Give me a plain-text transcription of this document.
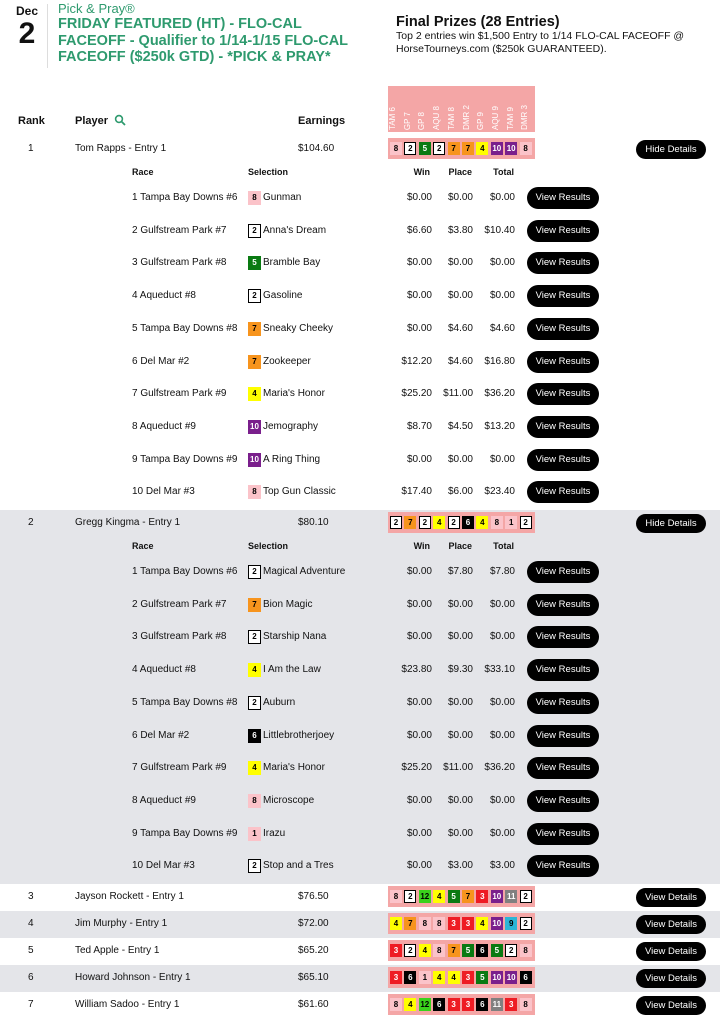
Dec
2
Pick & Pray®
FRIDAY FEATURED (HT) - FLO-CAL
FACEOFF - Qualifier to 1/14-1/15 FLO-CAL
FACEOFF ($250k GTD) - *PICK & PRAY*
Final Prizes (28 Entries)
Top 2 entries win $1,500 Entry to 1/14 FLO-CAL FACEOFF @
HorseTourneys.com ($250k GUARANTEED).
Rank	Player	Earnings	TAM 6 GP 7 GP 8 AQU 8 TAM 8 DMR 2 GP 9 AQU 9 TAM 9 DMR 3
1	Tom Rapps - Entry 1	$104.60	8	2	5	2	7	7	4 10 10 8	Hide Details
Race	Selection	Win Place Total
1 Tampa Bay Downs #6	8 Gunman	$0.00 $0.00 $0.00	View Results
2 Gulfstream Park #7	2 Anna's Dream	$6.60 $3.80 $10.40	View Results
3 Gulfstream Park #8	5 Bramble Bay	$0.00 $0.00 $0.00	View Results
4 Aqueduct #8	2 Gasoline	$0.00 $0.00 $0.00	View Results
5 Tampa Bay Downs #8	7 Sneaky Cheeky	$0.00 $4.60 $4.60	View Results
6 Del Mar #2	7 Zookeeper	$12.20 $4.60 $16.80	View Results
7 Gulfstream Park #9	4 Maria's Honor	$25.20 $11.00 $36.20	View Results
8 Aqueduct #9	10 Jemography	$8.70 $4.50 $13.20	View Results
9 Tampa Bay Downs #9 10 A Ring Thing	$0.00 $0.00 $0.00	View Results
10 Del Mar #3	8 Top Gun Classic	$17.40 $6.00 $23.40	View Results
2	Gregg Kingma - Entry 1	$80.10	2	7	2	4	2	6	4	8	1	2	Hide Details
Race	Selection	Win Place Total
1 Tampa Bay Downs #6	2 Magical Adventure	$0.00 $7.80 $7.80	View Results
2 Gulfstream Park #7	7 Bion Magic	$0.00 $0.00 $0.00	View Results
3 Gulfstream Park #8	2 Starship Nana	$0.00 $0.00 $0.00	View Results
4 Aqueduct #8	4 I Am the Law	$23.80 $9.30 $33.10	View Results
5 Tampa Bay Downs #8	2 Auburn	$0.00 $0.00 $0.00	View Results
6 Del Mar #2	6 Littlebrotherjoey	$0.00 $0.00 $0.00	View Results
7 Gulfstream Park #9	4 Maria's Honor	$25.20 $11.00 $36.20	View Results
8 Aqueduct #9	8 Microscope	$0.00 $0.00 $0.00	View Results
9 Tampa Bay Downs #9	1 Irazu	$0.00 $0.00 $0.00	View Results
10 Del Mar #3	2 Stop and a Tres	$0.00 $3.00 $3.00	View Results
3	Jayson Rockett - Entry 1	$76.50	8	2 12 4	5	7	3 10 11 2	View Details
4	Jim Murphy - Entry 1	$72.00	4	7	8	8	3	3	4 10 9	2	View Details
5	Ted Apple - Entry 1	$65.20	3	2	4	8	7	5	6	5	2	8	View Details
6	Howard Johnson - Entry 1	$65.10	3	6	1	4	4	3	5 10 10 6	View Details
7	William Sadoo - Entry 1	$61.60	8	4 12 6	3	3	6 11 3	8	View Details
